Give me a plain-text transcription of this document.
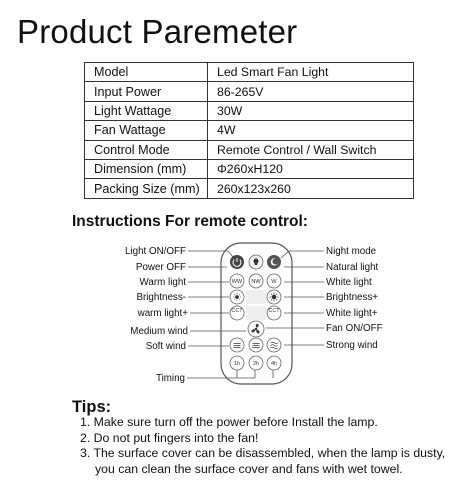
Product Paremeter
Model	Led Smart Fan Light
Input Power	86-265V
Light Wattage	30W
Fan Wattage	4W
Control Mode	Remote Control / Wall Switch
Dimension (mm)	Φ260xH120
Packing Size (mm)	260x123x260
Instructions For remote control:
WW NW W
CCT	CCT
1h 2h 4h
Light ON/OFF
Power OFF
Warm light
Brightness-
warm light+
Medium wind
Soft wind
Timing
Night mode
Natural light
White light
Brightness+
White light+
Fan ON/OFF
Strong wind
Tips:
1. Make sure turn off the power before Install the lamp.
2. Do not put fingers into the fan!
3. The surface cover can be disassembled, when the lamp is dusty,
you can clean the surface cover and fans with wet towel.
